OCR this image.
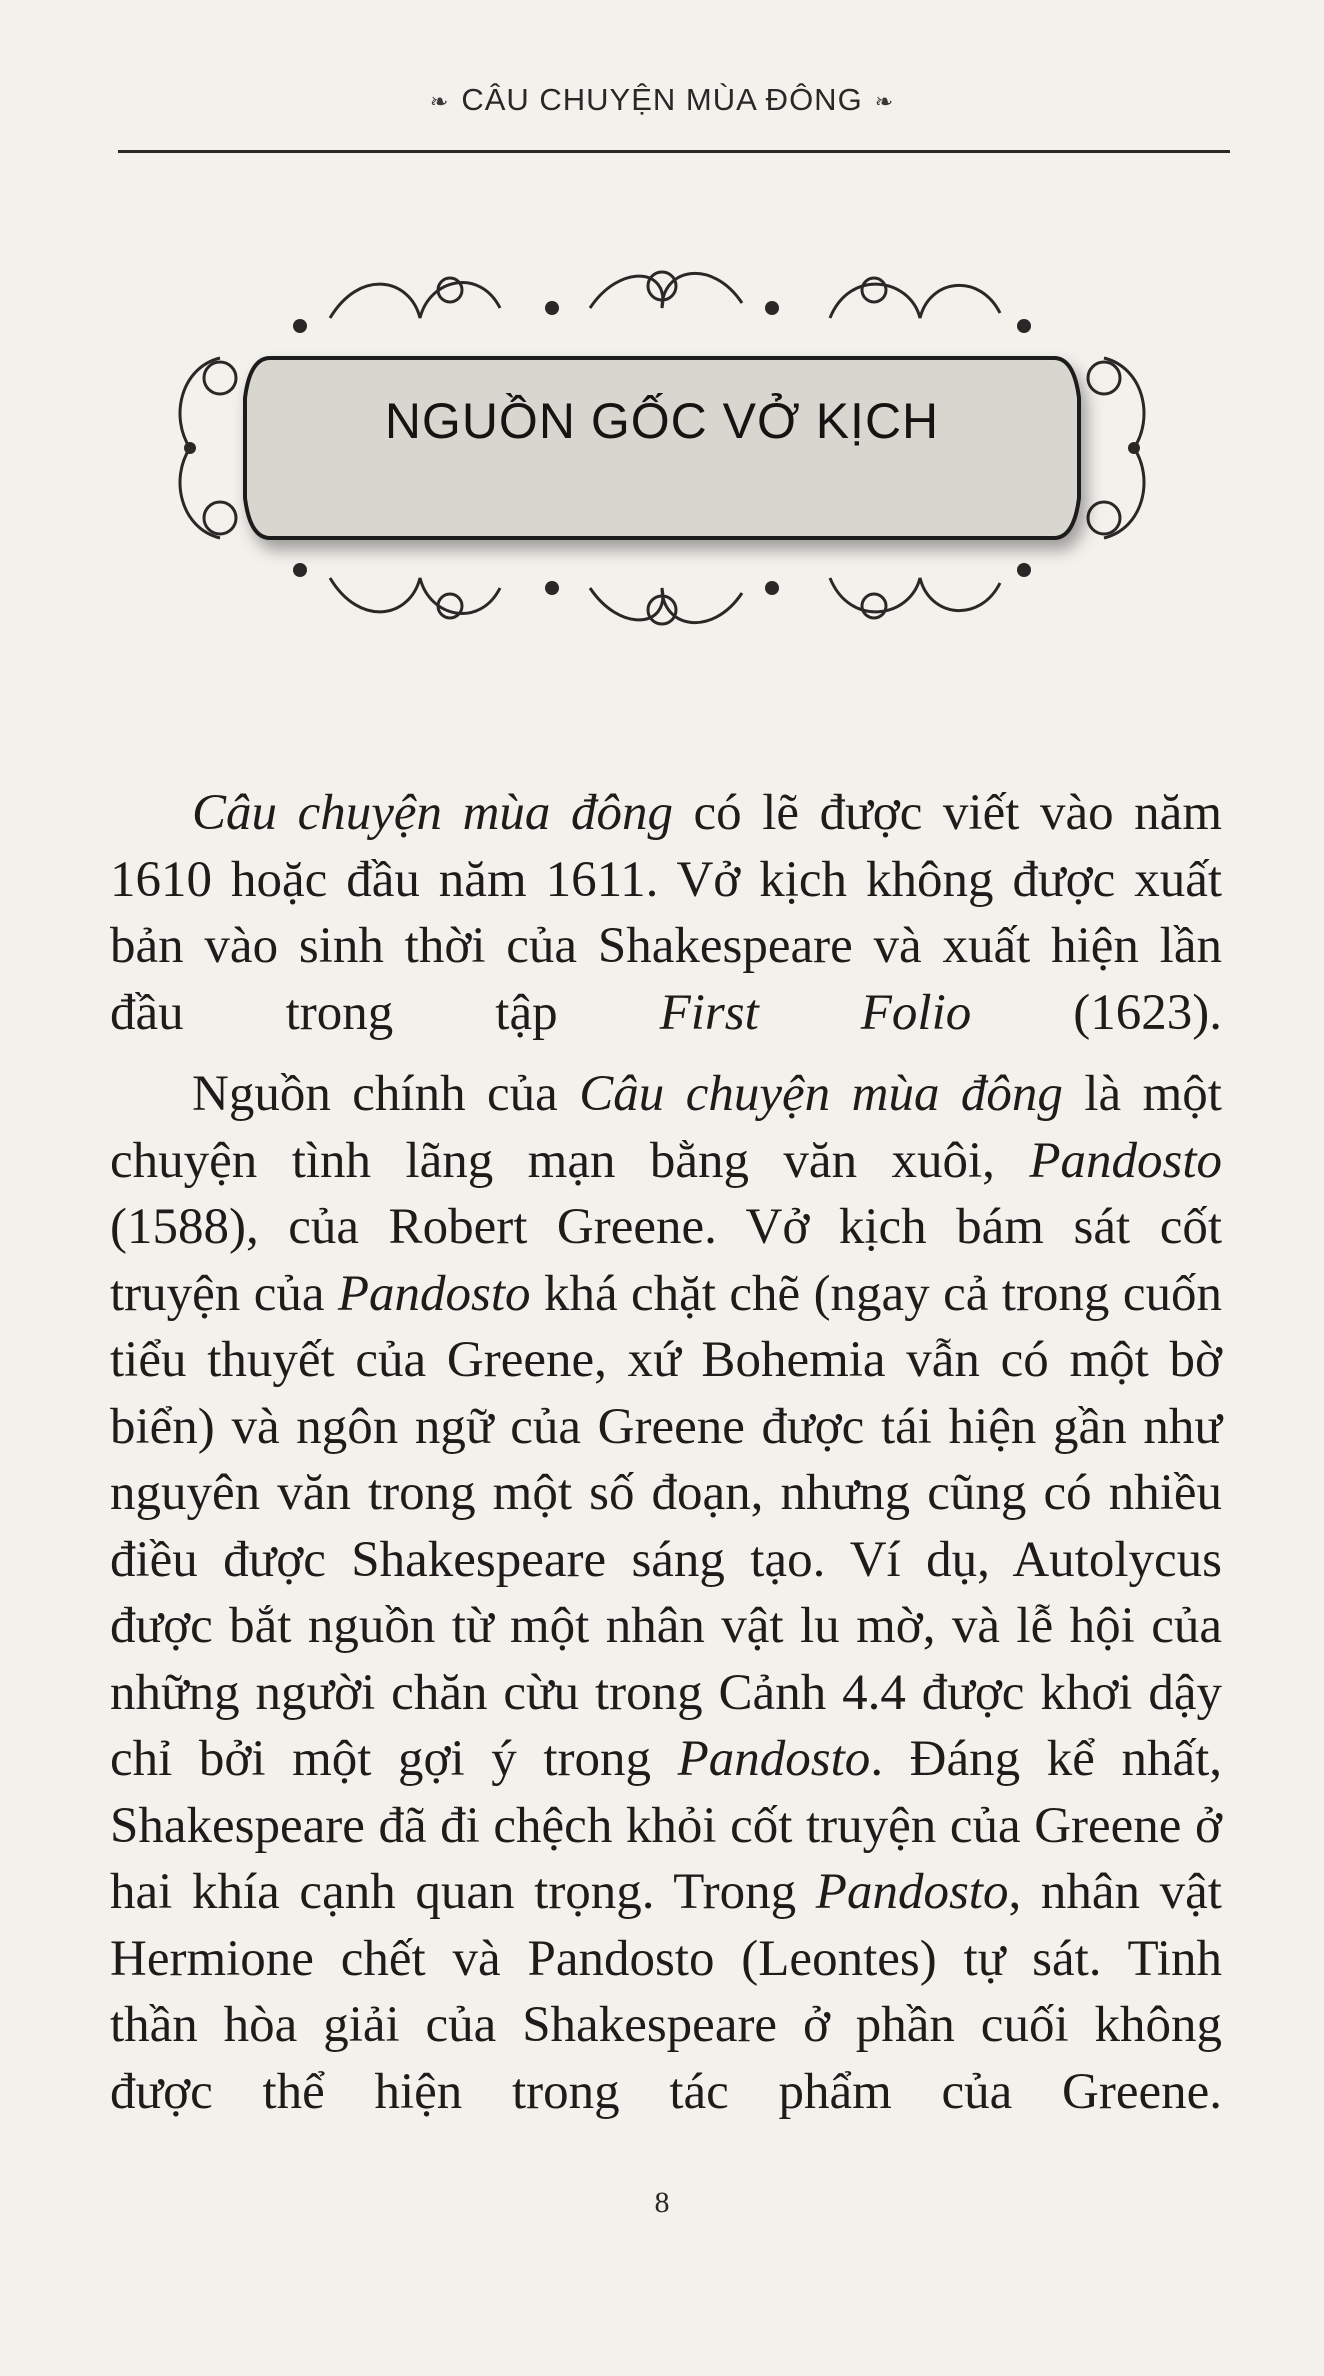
❧ CÂU CHUYỆN MÙA ĐÔNG ❧
NGUỒN GỐC VỞ KỊCH

Câu chuyện mùa đông có lẽ được viết vào năm 1610 hoặc đầu năm 1611. Vở kịch không được xuất bản vào sinh thời của Shakespeare và xuất hiện lần đầu trong tập First Folio (1623).

Nguồn chính của Câu chuyện mùa đông là một chuyện tình lãng mạn bằng văn xuôi, Pandosto (1588), của Robert Greene. Vở kịch bám sát cốt truyện của Pandosto khá chặt chẽ (ngay cả trong cuốn tiểu thuyết của Greene, xứ Bohemia vẫn có một bờ biển) và ngôn ngữ của Greene được tái hiện gần như nguyên văn trong một số đoạn, nhưng cũng có nhiều điều được Shakespeare sáng tạo. Ví dụ, Autolycus được bắt nguồn từ một nhân vật lu mờ, và lễ hội của những người chăn cừu trong Cảnh 4.4 được khơi dậy chỉ bởi một gợi ý trong Pandosto. Đáng kể nhất, Shakespeare đã đi chệch khỏi cốt truyện của Greene ở hai khía cạnh quan trọng. Trong Pandosto, nhân vật Hermione chết và Pandosto (Leontes) tự sát. Tinh thần hòa giải của Shakespeare ở phần cuối không được thể hiện trong tác phẩm của Greene.

8
